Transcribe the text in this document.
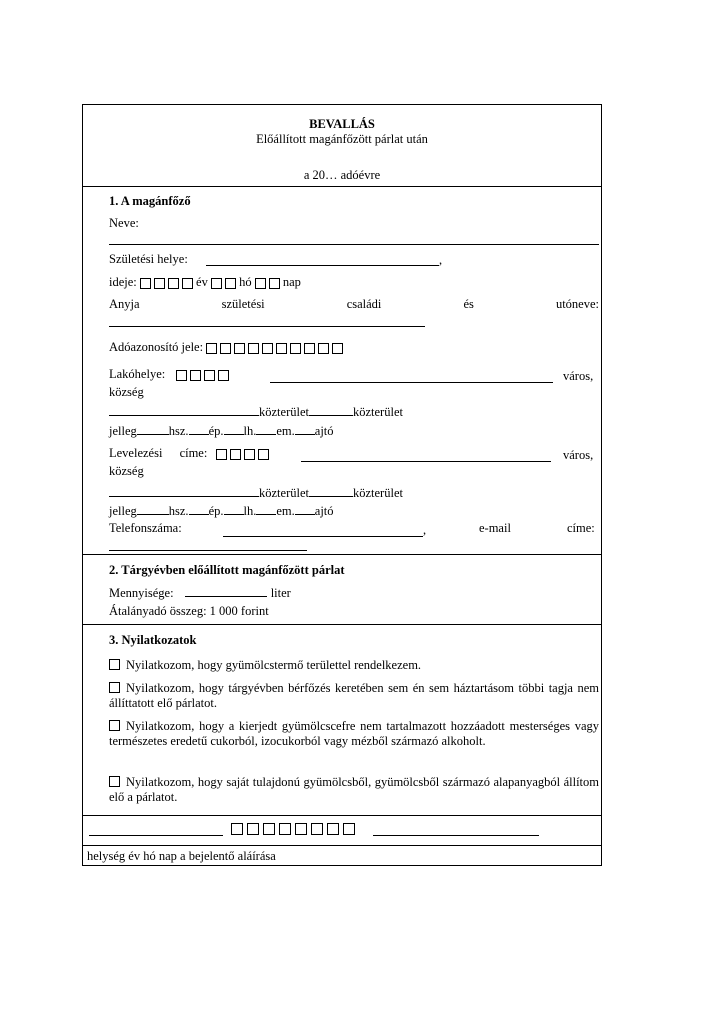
BEVALLÁS
Előállított magánfőzött párlat után
a 20… adóévre
1. A magánfőző
Neve:
Születési helye:	,
ideje:	év	hó	nap
Anyja	születési	családi	és	utóneve:
Adóazonosító jele:
Lakóhelye:	város,
község
közterület	közterület
jelleg	hsz. ép. lh. em. ajtó
Levelezési címe:	város,
község
közterület	közterület
jelleg	hsz. ép. lh. em. ajtó
Telefonszáma:	,	e-mail	címe:
2. Tárgyévben előállított magánfőzött párlat
Mennyisége:	liter
Átalányadó összeg: 1 000 forint
3. Nyilatkozatok
Nyilatkozom, hogy gyümölcstermő területtel rendelkezem.
Nyilatkozom, hogy tárgyévben bérfőzés keretében sem én sem háztartásom többi tagja nem állíttatott elő párlatot.
Nyilatkozom, hogy a kierjedt gyümölcscefre nem tartalmazott hozzáadott mesterséges vagy természetes eredetű cukorból, izocukorból vagy mézből származó alkoholt.
Nyilatkozom, hogy saját tulajdonú gyümölcsből, gyümölcsből származó alapanyagból állítom elő a párlatot.
helység év hó nap a bejelentő aláírása
